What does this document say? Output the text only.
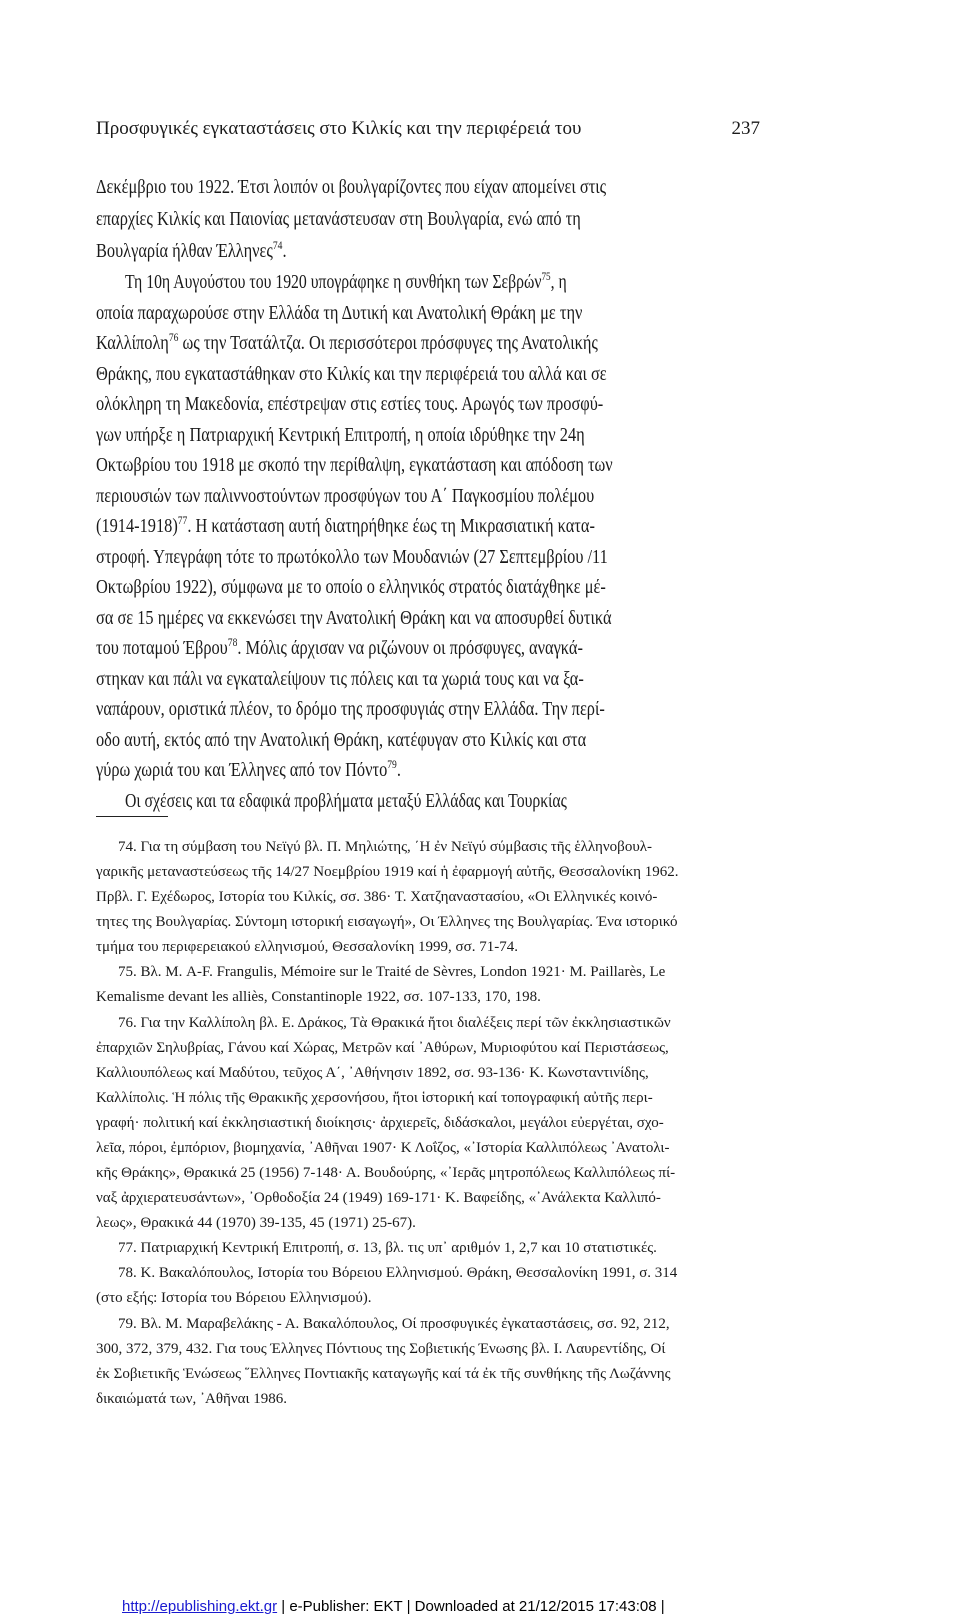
Προσφυγικές εγκαταστάσεις στο Κιλκίς και την περιφέρειά του	237
Δεκέμβριο του 1922. Έτσι λοιπόν οι βουλγαρίζοντες που είχαν απομείνει στις
επαρχίες Κιλκίς και Παιονίας μετανάστευσαν στη Βουλγαρία, ενώ από τη
Βουλγαρία ήλθαν Έλληνες$^{74}$.
Τη 10η Αυγούστου του 1920 υπογράφηκε η συνθήκη των Σεβρών$^{75}$, η
οποία παραχωρούσε στην Ελλάδα τη Δυτική και Ανατολική Θράκη με την
Καλλίπολη$^{76}$ ως την Τσατάλτζα. Οι περισσότεροι πρόσφυγες της Ανατολικής
Θράκης, που εγκαταστάθηκαν στο Κιλκίς και την περιφέρειά του αλλά και σε
ολόκληρη τη Μακεδονία, επέστρεψαν στις εστίες τους. Αρωγός των προσφύ-
γων υπήρξε η Πατριαρχική Κεντρική Επιτροπή, η οποία ιδρύθηκε την 24η
Οκτωβρίου του 1918 με σκοπό την περίθαλψη, εγκατάσταση και απόδοση των
περιουσιών των παλιννοστούντων προσφύγων του Α΄ Παγκοσμίου πολέμου
(1914-1918)$^{77}$. Η κατάσταση αυτή διατηρήθηκε έως τη Μικρασιατική κατα-
στροφή. Υπεγράφη τότε το πρωτόκολλο των Μουδανιών (27 Σεπτεμβρίου /11
Οκτωβρίου 1922), σύμφωνα με το οποίο ο ελληνικός στρατός διατάχθηκε μέ-
σα σε 15 ημέρες να εκκενώσει την Ανατολική Θράκη και να αποσυρθεί δυτικά
του ποταμού Έβρου$^{78}$. Μόλις άρχισαν να ριζώνουν οι πρόσφυγες, αναγκά-
στηκαν και πάλι να εγκαταλείψουν τις πόλεις και τα χωριά τους και να ξα-
ναπάρουν, οριστικά πλέον, το δρόμο της προσφυγιάς στην Ελλάδα. Την περί-
οδο αυτή, εκτός από την Ανατολική Θράκη, κατέφυγαν στο Κιλκίς και στα
γύρω χωριά του και Έλληνες από τον Πόντο$^{79}$.
Οι σχέσεις και τα εδαφικά προβλήματα μεταξύ Ελλάδας και Τουρκίας
74. Για τη σύμβαση του Νεϊγύ βλ. Π. Μηλιώτης, ΄Η ἐν Νεϊγύ σύμβασις τῆς ἑλληνοβουλ-
γαρικῆς μεταναστεύσεως τῆς 14/27 Νοεμβρίου 1919 καί ἡ ἐφαρμογή αὐτῆς, Θεσσαλονίκη 1962.
Πρβλ. Γ. Εχέδωρος, Ιστορία του Κιλκίς, σσ. 386· Τ. Χατζηαναστασίου, «Οι Ελληνικές κοινό-
τητες της Βουλγαρίας. Σύντομη ιστορική εισαγωγή», Οι Έλληνες της Βουλγαρίας. Ένα ιστορικό
τμήμα του περιφερειακού ελληνισμού, Θεσσαλονίκη 1999, σσ. 71-74.
75. Βλ. Μ. A-F. Frangulis, Mémoire sur le Traité de Sèvres, London 1921· M. Paillarès, Le
Kemalisme devant les alliès, Constantinople 1922, σσ. 107-133, 170, 198.
76. Για την Καλλίπολη βλ. Ε. Δράκος, Τὰ Θρακικά ἤτοι διαλέξεις περί τῶν ἐκκλησιαστικῶν
ἐπαρχιῶν Σηλυβρίας, Γάνου καί Χώρας, Μετρῶν καί ᾿Αθύρων, Μυριοφύτου καί Περιστάσεως,
Καλλιουπόλεως καί Μαδύτου, τεῦχος Α΄, ᾿Αθήνησιν 1892, σσ. 93-136· Κ. Κωνσταντινίδης,
Καλλίπολις. Ἡ πόλις τῆς Θρακικῆς χερσονήσου, ἤτοι ἱστορική καί τοπογραφική αὐτῆς περι-
γραφή· πολιτική καί ἐκκλησιαστική διοίκησις· ἀρχιερεῖς, διδάσκαλοι, μεγάλοι εὐεργέται, σχο-
λεῖα, πόροι, ἐμπόριον, βιομηχανία, ᾿Αθῆναι 1907· Κ Λοΐζος, «᾿Ιστορία Καλλιπόλεως ᾿Ανατολι-
κῆς Θράκης», Θρακικά 25 (1956) 7-148· Α. Βουδούρης, «᾿Ιερᾶς μητροπόλεως Καλλιπόλεως πί-
ναξ ἀρχιερατευσάντων», ᾿Ορθοδοξία 24 (1949) 169-171· Κ. Βαφείδης, «᾿Ανάλεκτα Καλλιπό-
λεως», Θρακικά 44 (1970) 39-135, 45 (1971) 25-67).
77. Πατριαρχική Κεντρική Επιτροπή, σ. 13, βλ. τις υπ᾿ αριθμόν 1, 2,7 και 10 στατιστικές.
78. Κ. Βακαλόπουλος, Ιστορία του Βόρειου Ελληνισμού. Θράκη, Θεσσαλονίκη 1991, σ. 314
(στο εξής: Ιστορία του Βόρειου Ελληνισμού).
79. Βλ. Μ. Μαραβελάκης - Α. Βακαλόπουλος, Οί προσφυγικές ἐγκαταστάσεις, σσ. 92, 212,
300, 372, 379, 432. Για τους Έλληνες Πόντιους της Σοβιετικής Ένωσης βλ. Ι. Λαυρεντίδης, Οί
ἐκ Σοβιετικῆς Ἑνώσεως ῞Ελληνες Ποντιακῆς καταγωγῆς καί τά ἐκ τῆς συνθήκης τῆς Λωζάννης
δικαιώματά των, ᾿Αθῆναι 1986.
http://epublishing.ekt.gr | e-Publisher: EKT | Downloaded at 21/12/2015 17:43:08 |
